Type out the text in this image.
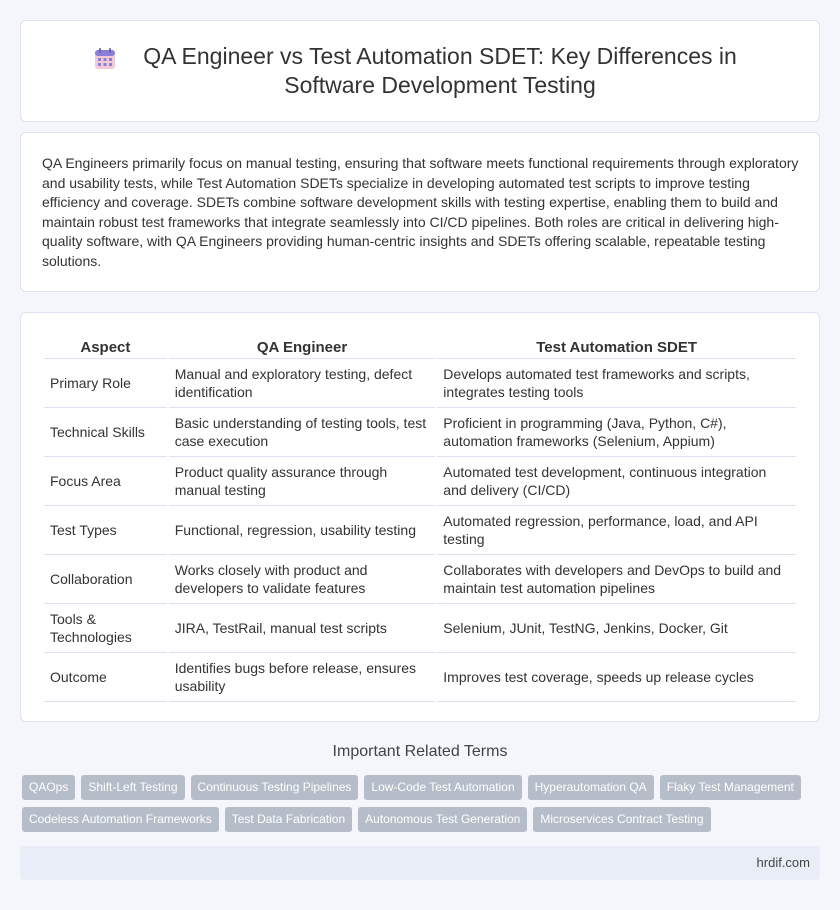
QA Engineer vs Test Automation SDET: Key Differences in Software Development Testing

QA Engineers primarily focus on manual testing, ensuring that software meets functional requirements through exploratory and usability tests, while Test Automation SDETs specialize in developing automated test scripts to improve testing efficiency and coverage. SDETs combine software development skills with testing expertise, enabling them to build and maintain robust test frameworks that integrate seamlessly into CI/CD pipelines. Both roles are critical in delivering high-quality software, with QA Engineers providing human-centric insights and SDETs offering scalable, repeatable testing solutions.

Aspect	QA Engineer	Test Automation SDET
Primary Role	Manual and exploratory testing, defect identification	Develops automated test frameworks and scripts, integrates testing tools
Technical Skills	Basic understanding of testing tools, test case execution	Proficient in programming (Java, Python, C#), automation frameworks (Selenium, Appium)
Focus Area	Product quality assurance through manual testing	Automated test development, continuous integration and delivery (CI/CD)
Test Types	Functional, regression, usability testing	Automated regression, performance, load, and API testing
Collaboration	Works closely with product and developers to validate features	Collaborates with developers and DevOps to build and maintain test automation pipelines
Tools & Technologies	JIRA, TestRail, manual test scripts	Selenium, JUnit, TestNG, Jenkins, Docker, Git
Outcome	Identifies bugs before release, ensures usability	Improves test coverage, speeds up release cycles
Important Related Terms
QAOps	Shift-Left Testing	Continuous Testing Pipelines	Low-Code Test Automation	Hyperautomation QA	Flaky Test Management
Codeless Automation Frameworks	Test Data Fabrication	Autonomous Test Generation	Microservices Contract Testing
hrdif.com
